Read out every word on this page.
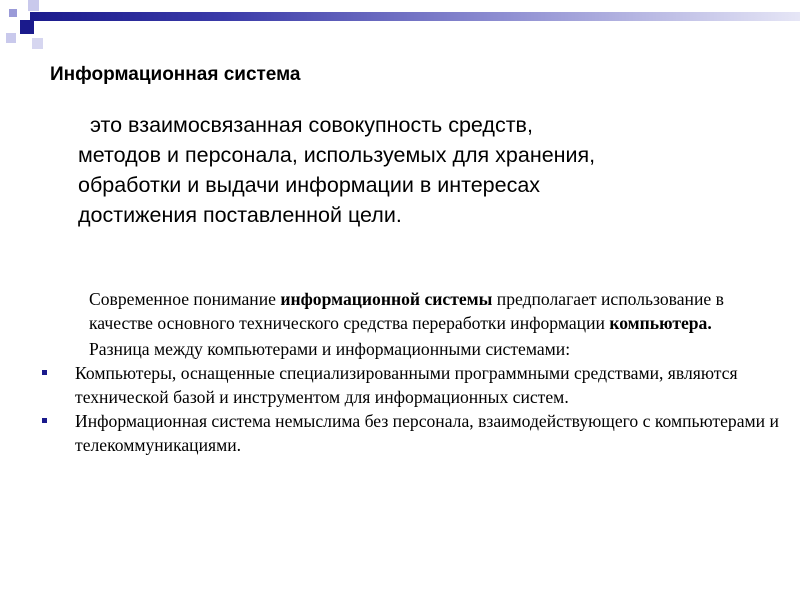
Информационная система
это взаимосвязанная совокупность средств,
методов и персонала, используемых для хранения,
обработки и выдачи информации в интересах
достижения поставленной цели.

Современное понимание информационной системы предполагает использование в качестве основного технического средства переработки информации компьютера.

Разница между компьютерами и информационными системами:

Компьютеры, оснащенные специализированными программными средствами, являются технической базой и инструментом для информационных систем.

Информационная система немыслима без персонала, взаимодействующего с компьютерами и телекоммуникациями.
